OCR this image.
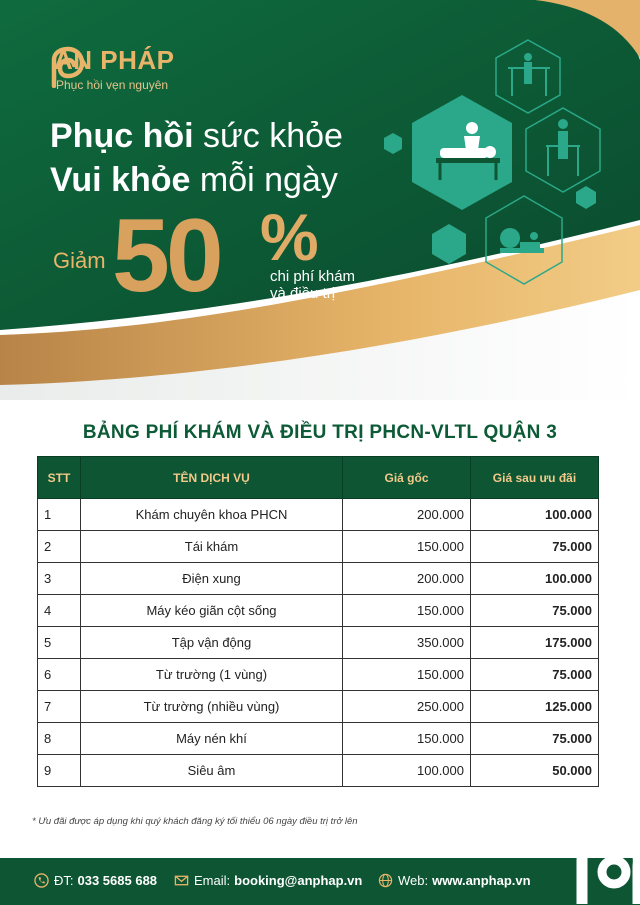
AN PHÁP
Phục hồi vẹn nguyên
Phục hồi sức khỏe
Vui khỏe mỗi ngày
Giảm 50 %
chi phí khám
và điều trị
BẢNG PHÍ KHÁM VÀ ĐIỀU TRỊ PHCN-VLTL QUẬN 3
STT	TÊN DỊCH VỤ	Giá gốc	Giá sau ưu đãi
1	Khám chuyên khoa PHCN	200.000	100.000
2	Tái khám	150.000	75.000
3	Điện xung	200.000	100.000
4	Máy kéo giãn cột sống	150.000	75.000
5	Tập vận động	350.000	175.000
6	Từ trường (1 vùng)	150.000	75.000
7	Từ trường (nhiều vùng)	250.000	125.000
8	Máy nén khí	150.000	75.000
9	Siêu âm	100.000	50.000
* Ưu đãi được áp dụng khi quý khách đăng ký tối thiểu 06 ngày điều trị trở lên
ĐT: 033 5685 688	Email: booking@anphap.vn	Web: www.anphap.vn
